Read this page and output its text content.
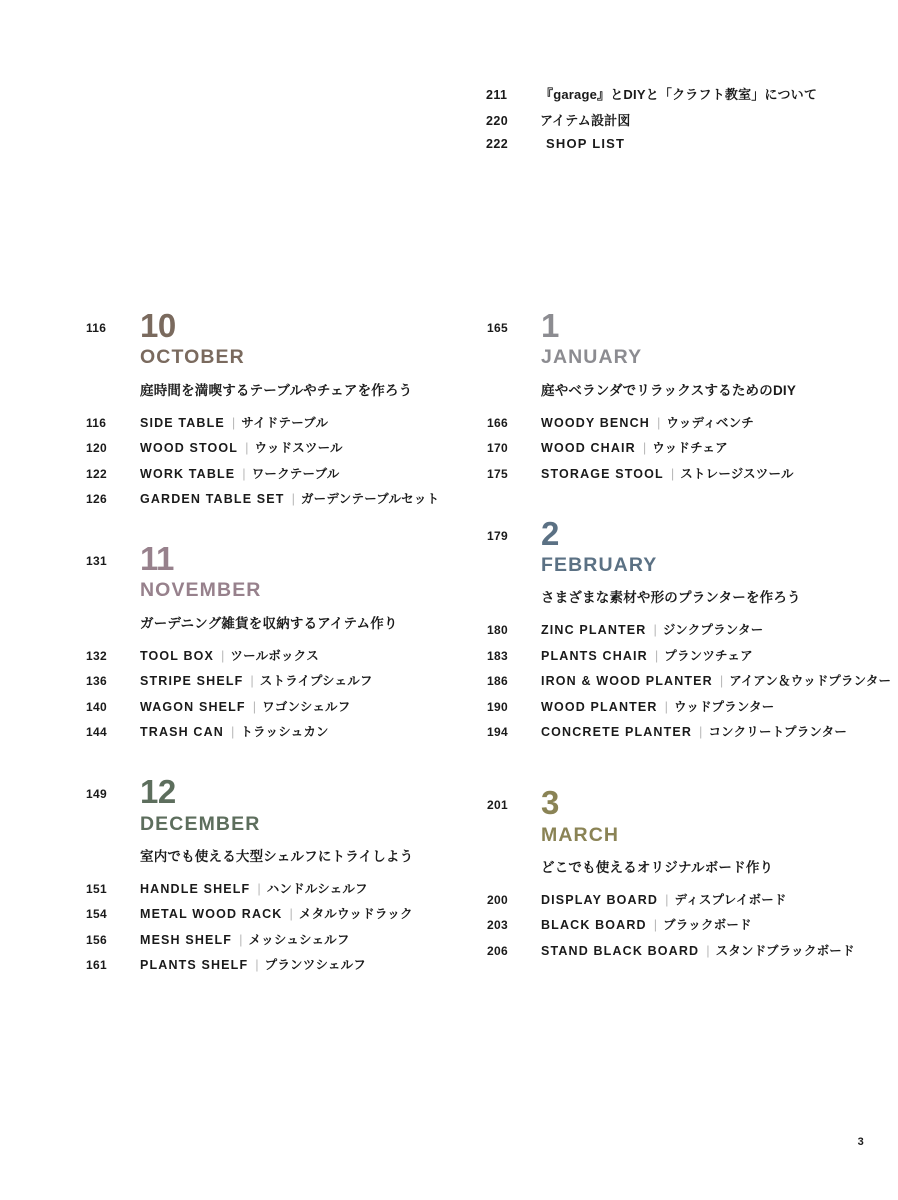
211	『garage』とDIYと「クラフト教室」について
220	アイテム設計図
222	SHOP LIST
116	10
OCTOBER
庭時間を満喫するテーブルやチェアを作ろう
116	SIDE TABLE | サイドテーブル
120	WOOD STOOL | ウッドスツール
122	WORK TABLE | ワークテーブル
126	GARDEN TABLE SET | ガーデンテーブルセット
131	11
NOVEMBER
ガーデニング雑貨を収納するアイテム作り
132	TOOL BOX | ツールボックス
136	STRIPE SHELF | ストライプシェルフ
140	WAGON SHELF | ワゴンシェルフ
144	TRASH CAN | トラッシュカン
149	12
DECEMBER
室内でも使える大型シェルフにトライしよう
151	HANDLE SHELF | ハンドルシェルフ
154	METAL WOOD RACK | メタルウッドラック
156	MESH SHELF | メッシュシェルフ
161	PLANTS SHELF | プランツシェルフ
165	1
JANUARY
庭やベランダでリラックスするためのDIY
166	WOODY BENCH | ウッディベンチ
170	WOOD CHAIR | ウッドチェア
175	STORAGE STOOL | ストレージスツール
179	2
FEBRUARY
さまざまな素材や形のプランターを作ろう
180	ZINC PLANTER | ジンクプランター
183	PLANTS CHAIR | プランツチェア
186	IRON & WOOD PLANTER | アイアン＆ウッドプランター
190	WOOD PLANTER | ウッドプランター
194	CONCRETE PLANTER | コンクリートプランター
201	3
MARCH
どこでも使えるオリジナルボード作り
200	DISPLAY BOARD | ディスプレイボード
203	BLACK BOARD | ブラックボード
206	STAND BLACK BOARD | スタンドブラックボード
3
